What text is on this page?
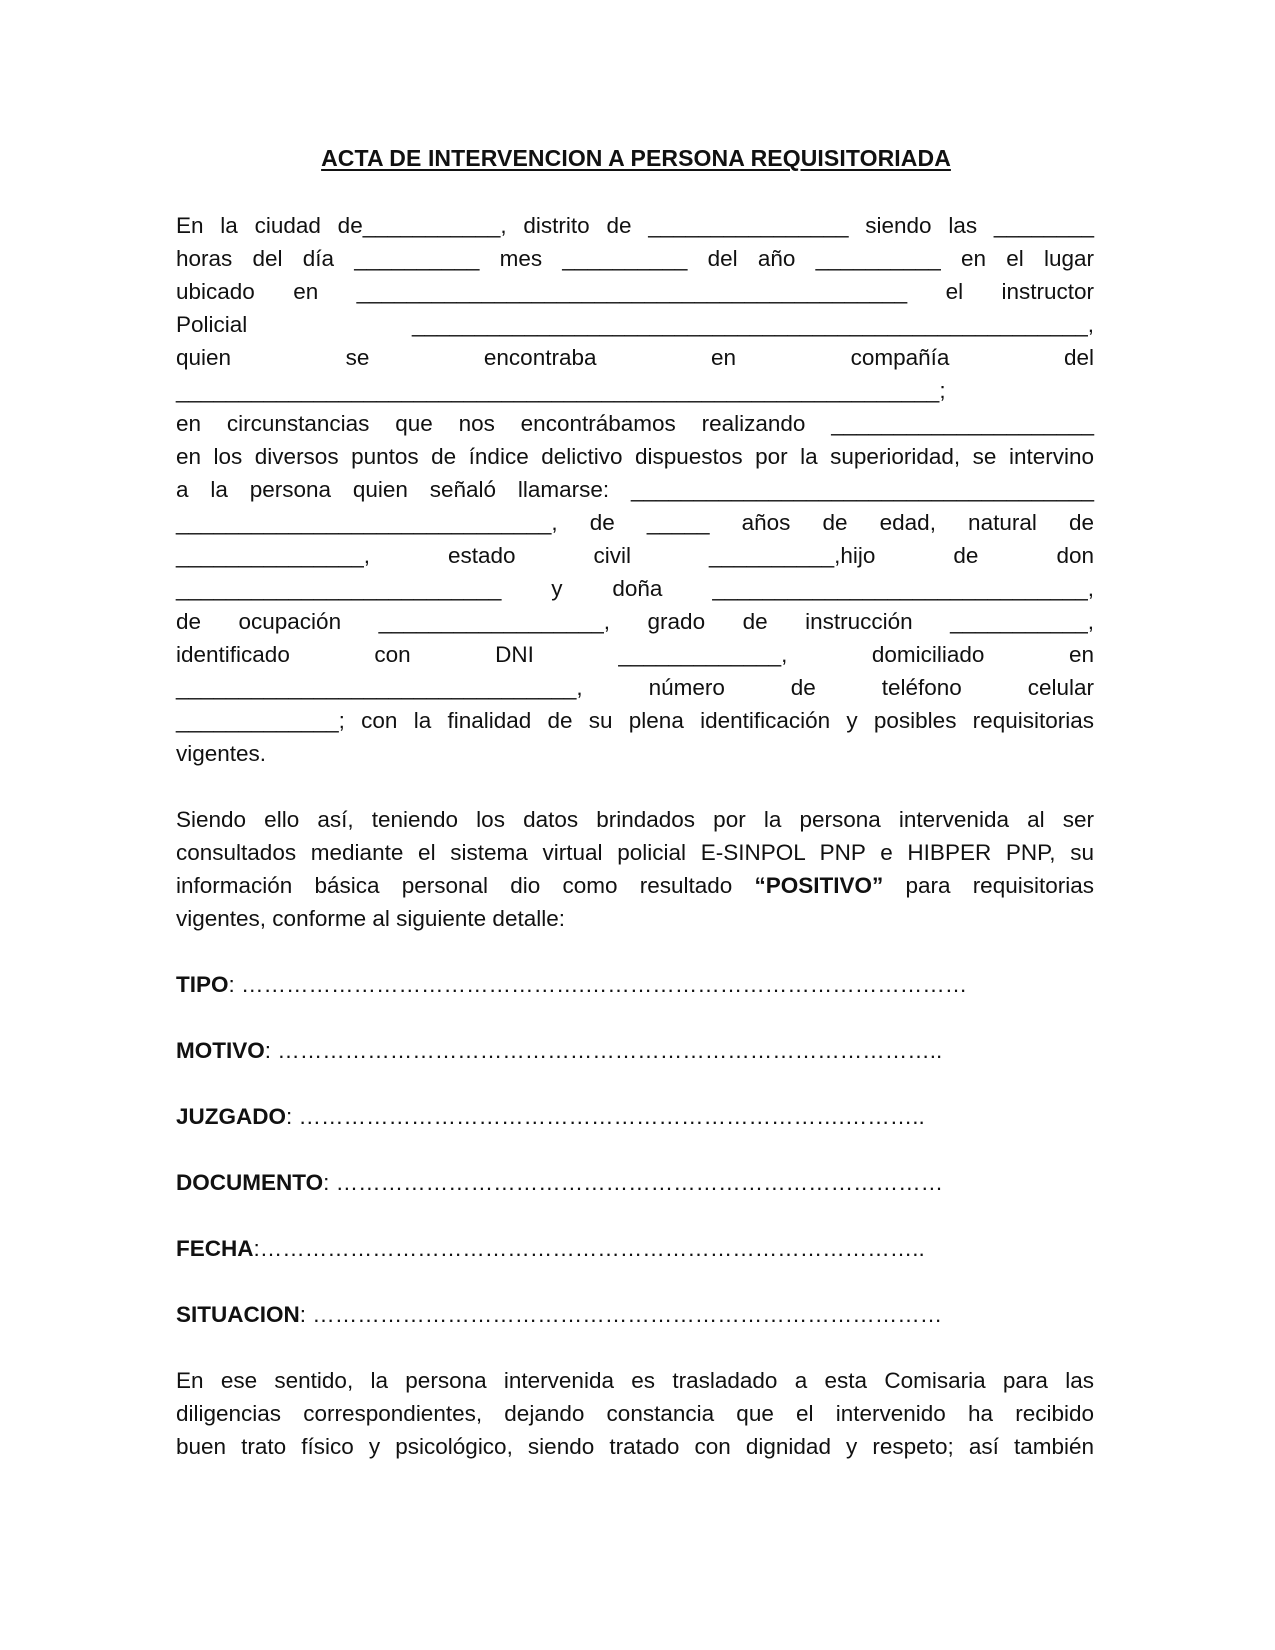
ACTA DE INTERVENCION A PERSONA REQUISITORIADA
En la ciudad de___________, distrito de ________________ siendo las ________
horas del día __________ mes __________ del año __________ en el lugar
ubicado en ____________________________________________ el instructor
Policial ______________________________________________________,
quien se encontraba en compañía del
_____________________________________________________________;
en circunstancias que nos encontrábamos realizando _____________________
en los diversos puntos de índice delictivo dispuestos por la superioridad, se intervino
a la persona quien señaló llamarse: _____________________________________
______________________________, de _____ años de edad, natural de
_______________, estado civil __________,hijo de don
__________________________ y doña ______________________________,
de ocupación __________________, grado de instrucción ___________,
identificado con DNI _____________, domiciliado en
________________________________, número de teléfono celular
_____________; con la finalidad de su plena identificación y posibles requisitorias
vigentes.
Siendo ello así, teniendo los datos brindados por la persona intervenida al ser
consultados mediante el sistema virtual policial E-SINPOL PNP e HIBPER PNP, su
información básica personal dio como resultado “POSITIVO” para requisitorias
vigentes, conforme al siguiente detalle:
TIPO: ……………………………………….……………………………………………
MOTIVO: ……………………………………………………………………………..
JUZGADO: ……………………………………………………………….………..
DOCUMENTO: ………………………………………………………………………
FECHA:……………………………………………………………………………..
SITUACION: …………………………………………………………………………
En ese sentido, la persona intervenida es trasladado a esta Comisaria para las
diligencias correspondientes, dejando constancia que el intervenido ha recibido
buen trato físico y psicológico, siendo tratado con dignidad y respeto; así también
